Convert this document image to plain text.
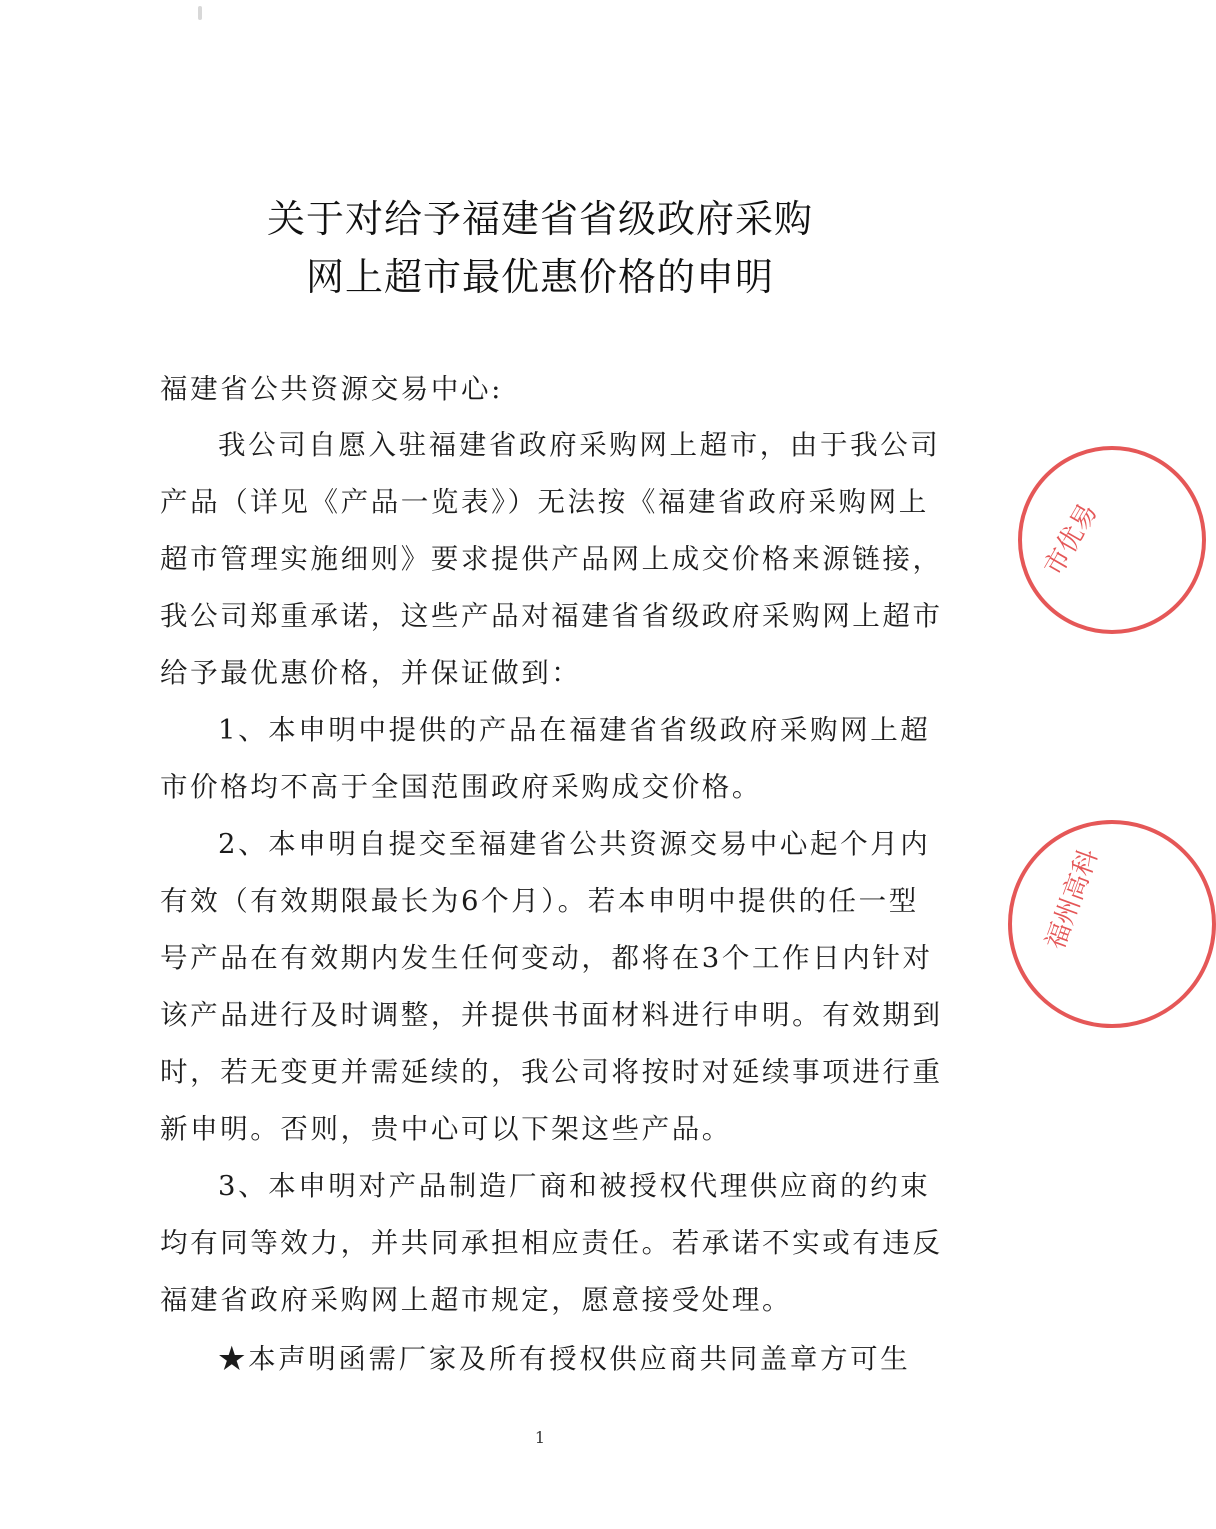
关于对给予福建省省级政府采购
网上超市最优惠价格的申明
福建省公共资源交易中心:
我公司自愿入驻福建省政府采购网上超市，由于我公司
产品（详见《产品一览表》）无法按《福建省政府采购网上
超市管理实施细则》要求提供产品网上成交价格来源链接，
我公司郑重承诺，这些产品对福建省省级政府采购网上超市
给予最优惠价格，并保证做到：
1、本申明中提供的产品在福建省省级政府采购网上超
市价格均不高于全国范围政府采购成交价格。
2、本申明自提交至福建省公共资源交易中心起个月内
有效（有效期限最长为6个月）。若本申明中提供的任一型
号产品在有效期内发生任何变动，都将在3个工作日内针对
该产品进行及时调整，并提供书面材料进行申明。有效期到
时，若无变更并需延续的，我公司将按时对延续事项进行重
新申明。否则，贵中心可以下架这些产品。
3、本申明对产品制造厂商和被授权代理供应商的约束
均有同等效力，并共同承担相应责任。若承诺不实或有违反
福建省政府采购网上超市规定，愿意接受处理。
★本声明函需厂家及所有授权供应商共同盖章方可生
1
市优易
福州高科
